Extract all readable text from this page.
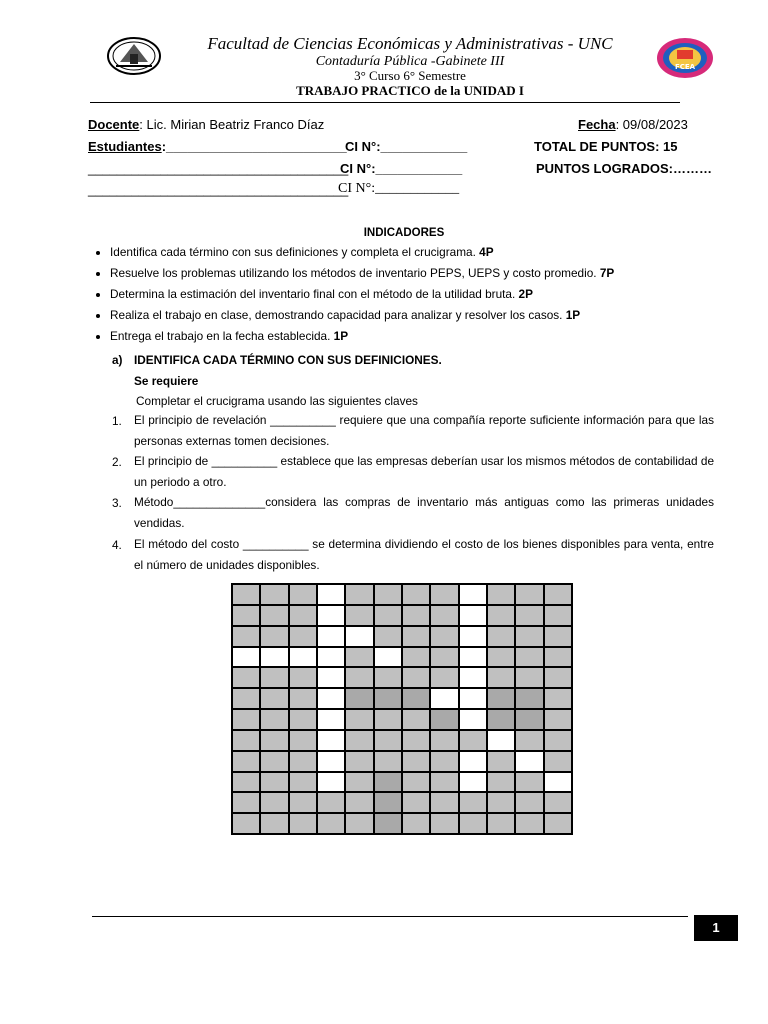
FCEA
Facultad de Ciencias Económicas y Administrativas - UNC
Contaduría Pública -Gabinete III
3° Curso 6° Semestre
TRABAJO PRACTICO de la UNIDAD I
Docente: Lic. Mirian Beatriz Franco Díaz	Fecha: 09/08/2023
Estudiantes:_________________________
CI N°:____________	TOTAL DE PUNTOS: 15
____________________________________
CI N°:____________	PUNTOS LOGRADOS:………
____________________________________
CI N°:____________
INDICADORES
• Identifica cada término con sus definiciones y completa el crucigrama. 4P
• Resuelve los problemas utilizando los métodos de inventario PEPS, UEPS y costo promedio. 7P
• Determina la estimación del inventario final con el método de la utilidad bruta. 2P
• Realiza el trabajo en clase, demostrando capacidad para analizar y resolver los casos. 1P
• Entrega el trabajo en la fecha establecida. 1P
a) IDENTIFICA CADA TÉRMINO CON SUS DEFINICIONES.
Se requiere
Completar el crucigrama usando las siguientes claves
1. El principio de revelación __________ requiere que una compañía reporte suficiente información para que las personas externas tomen decisiones.
2. El principio de __________ establece que las empresas deberían usar los mismos métodos de contabilidad de un periodo a otro.
3. Método______________considera las compras de inventario más antiguas como las primeras unidades vendidas.
4. El método del costo __________ se determina dividiendo el costo de los bienes disponibles para venta, entre el número de unidades disponibles.
1
